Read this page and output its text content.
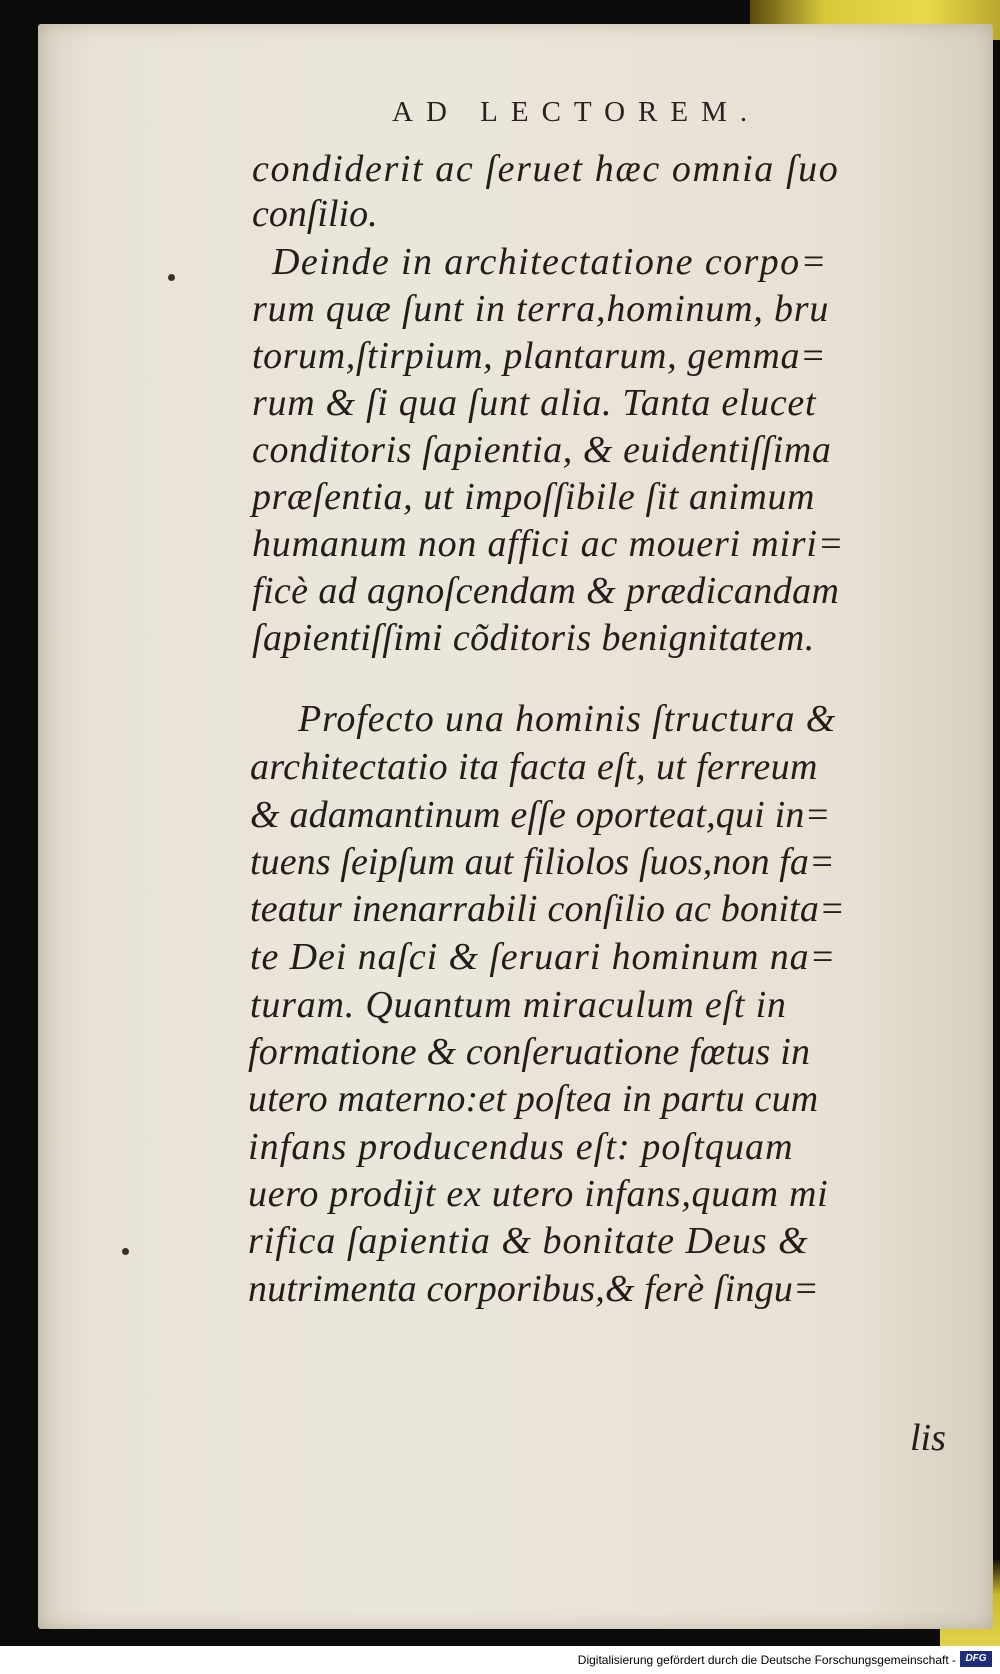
AD LECTOREM.
condiderit ac ſeruet hæc omnia ſuo
conſilio.
Deinde in architectatione corpo=
rum quæ ſunt in terra,hominum, bru
torum,ſtirpium, plantarum, gemma=
rum & ſi qua ſunt alia. Tanta elucet
conditoris ſapientia, & euidentiſſima
præſentia, ut impoſſibile ſit animum
humanum non affici ac moueri miri=
ficè ad agnoſcendam & prædicandam
ſapientiſſimi cõditoris benignitatem.
Profecto una hominis ſtructura &
architectatio ita facta eſt, ut ferreum
& adamantinum eſſe oporteat,qui in=
tuens ſeipſum aut filiolos ſuos,non fa=
teatur inenarrabili conſilio ac bonita=
te Dei naſci & ſeruari hominum na=
turam. Quantum miraculum eſt in
formatione & conſeruatione fœtus in
utero materno:et poſtea in partu cum
infans producendus eſt: poſtquam
uero prodijt ex utero infans,quam mi
rifica ſapientia & bonitate Deus &
nutrimenta corporibus,& ferè ſingu=
lis
Digitalisierung gefördert durch die Deutsche Forschungsgemeinschaft - DFG
